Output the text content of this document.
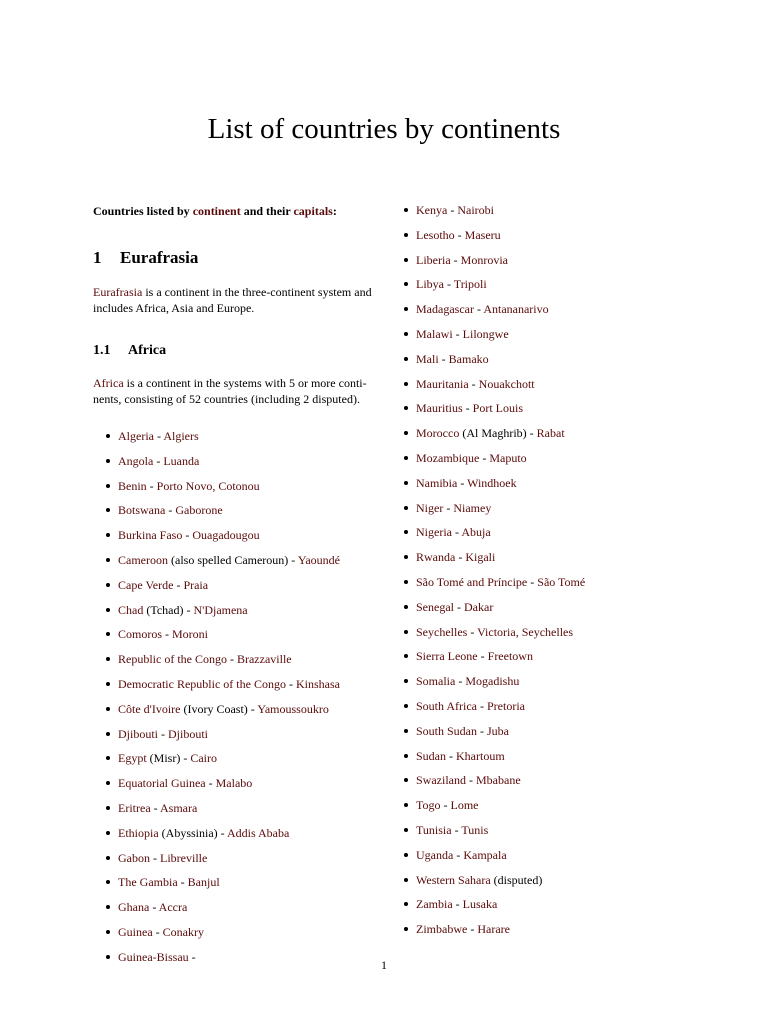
List of countries by continents

Countries listed by continent and their capitals:

1 Eurafrasia

Eurafrasia is a continent in the three-continent system and includes Africa, Asia and Europe.

1.1 Africa

Africa is a continent in the systems with 5 or more conti-
nents, consisting of 52 countries (including 2 disputed).

Algeria - Algiers
Angola - Luanda
Benin - Porto Novo, Cotonou
Botswana - Gaborone
Burkina Faso - Ouagadougou
Cameroon (also spelled Cameroun) - Yaoundé
Cape Verde - Praia
Chad (Tchad) - N'Djamena
Comoros - Moroni
Republic of the Congo - Brazzaville
Democratic Republic of the Congo - Kinshasa
Côte d'Ivoire (Ivory Coast) - Yamoussoukro
Djibouti - Djibouti
Egypt (Misr) - Cairo
Equatorial Guinea - Malabo
Eritrea - Asmara
Ethiopia (Abyssinia) - Addis Ababa
Gabon - Libreville
The Gambia - Banjul
Ghana - Accra
Guinea - Conakry
Guinea-Bissau -
Kenya - Nairobi
Lesotho - Maseru
Liberia - Monrovia
Libya - Tripoli
Madagascar - Antananarivo
Malawi - Lilongwe
Mali - Bamako
Mauritania - Nouakchott
Mauritius - Port Louis
Morocco (Al Maghrib) - Rabat
Mozambique - Maputo
Namibia - Windhoek
Niger - Niamey
Nigeria - Abuja
Rwanda - Kigali
São Tomé and Príncipe - São Tomé
Senegal - Dakar
Seychelles - Victoria, Seychelles
Sierra Leone - Freetown
Somalia - Mogadishu
South Africa - Pretoria
South Sudan - Juba
Sudan - Khartoum
Swaziland - Mbabane
Togo - Lome
Tunisia - Tunis
Uganda - Kampala
Western Sahara (disputed)
Zambia - Lusaka
Zimbabwe - Harare
1
